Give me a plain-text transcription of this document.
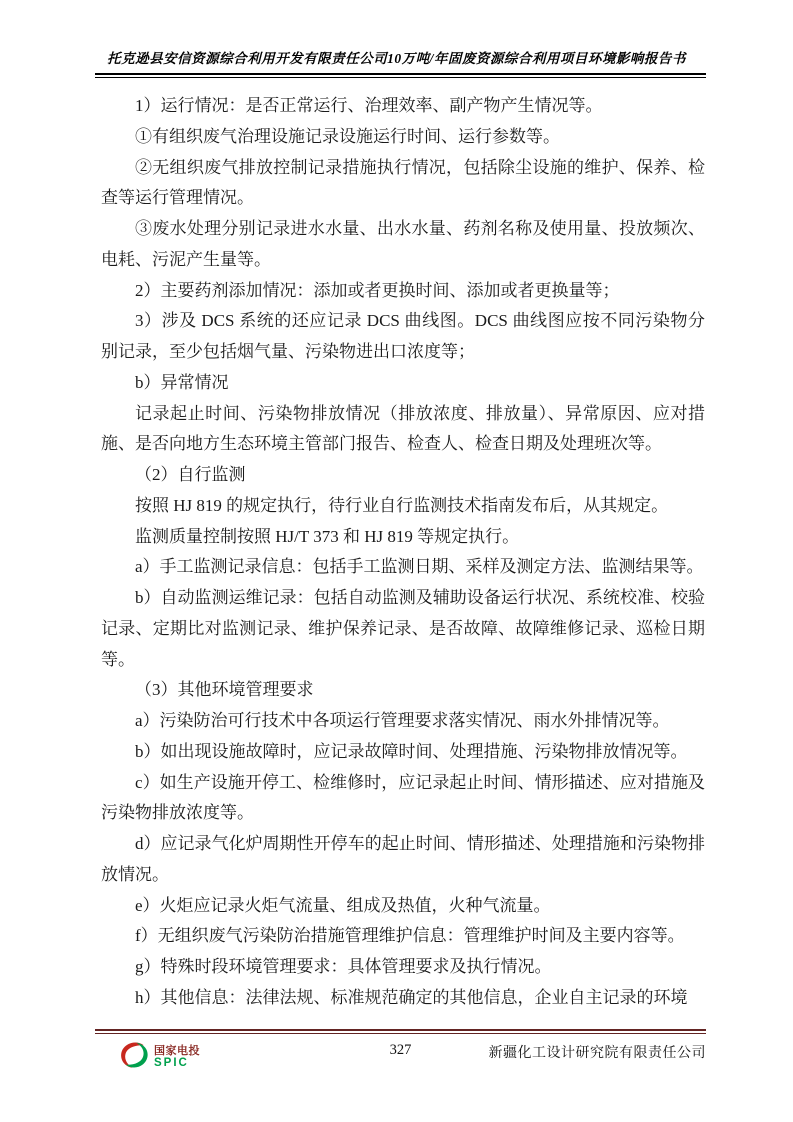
托克逊县安信资源综合利用开发有限责任公司10万吨/年固废资源综合利用项目环境影响报告书

1）运行情况：是否正常运行、治理效率、副产物产生情况等。

①有组织废气治理设施记录设施运行时间、运行参数等。

②无组织废气排放控制记录措施执行情况，包括除尘设施的维护、保养、检查等运行管理情况。

③废水处理分别记录进水水量、出水水量、药剂名称及使用量、投放频次、电耗、污泥产生量等。

2）主要药剂添加情况：添加或者更换时间、添加或者更换量等；

3）涉及 DCS 系统的还应记录 DCS 曲线图。DCS 曲线图应按不同污染物分别记录，至少包括烟气量、污染物进出口浓度等；

b）异常情况

记录起止时间、污染物排放情况（排放浓度、排放量）、异常原因、应对措施、是否向地方生态环境主管部门报告、检查人、检查日期及处理班次等。

（2）自行监测

按照 HJ 819 的规定执行，待行业自行监测技术指南发布后，从其规定。

监测质量控制按照 HJ/T 373 和 HJ 819 等规定执行。

a）手工监测记录信息：包括手工监测日期、采样及测定方法、监测结果等。

b）自动监测运维记录：包括自动监测及辅助设备运行状况、系统校准、校验记录、定期比对监测记录、维护保养记录、是否故障、故障维修记录、巡检日期等。

（3）其他环境管理要求

a）污染防治可行技术中各项运行管理要求落实情况、雨水外排情况等。

b）如出现设施故障时，应记录故障时间、处理措施、污染物排放情况等。

c）如生产设施开停工、检维修时，应记录起止时间、情形描述、应对措施及污染物排放浓度等。

d）应记录气化炉周期性开停车的起止时间、情形描述、处理措施和污染物排放情况。

e）火炬应记录火炬气流量、组成及热值，火种气流量。

f）无组织废气污染防治措施管理维护信息：管理维护时间及主要内容等。

g）特殊时段环境管理要求：具体管理要求及执行情况。

h）其他信息：法律法规、标准规范确定的其他信息，企业自主记录的环境

国家电投
SPIC
327	新疆化工设计研究院有限责任公司
